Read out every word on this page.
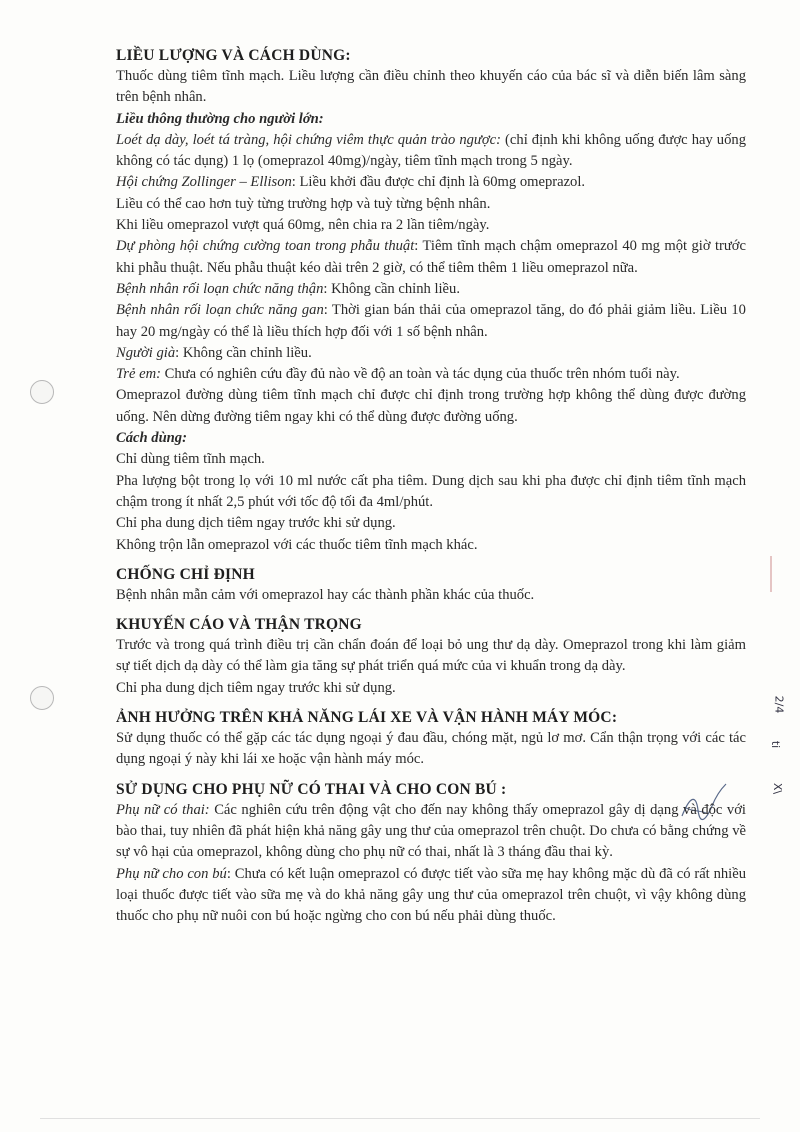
2/4
ti
X\

LIỀU LƯỢNG VÀ CÁCH DÙNG:

Thuốc dùng tiêm tĩnh mạch. Liều lượng cần điều chỉnh theo khuyến cáo của bác sĩ và diễn biến lâm sàng trên bệnh nhân.

Liều thông thường cho người lớn:

Loét dạ dày, loét tá tràng, hội chứng viêm thực quản trào ngược: (chỉ định khi không uống được hay uống không có tác dụng) 1 lọ (omeprazol 40mg)/ngày, tiêm tĩnh mạch trong 5 ngày.

Hội chứng Zollinger – Ellison: Liều khởi đầu được chỉ định là 60mg omeprazol.

Liều có thể cao hơn tuỳ từng trường hợp và tuỳ từng bệnh nhân.

Khi liều omeprazol vượt quá 60mg, nên chia ra 2 lần tiêm/ngày.

Dự phòng hội chứng cường toan trong phẫu thuật: Tiêm tĩnh mạch chậm omeprazol 40 mg một giờ trước khi phẫu thuật. Nếu phẫu thuật kéo dài trên 2 giờ, có thể tiêm thêm 1 liều omeprazol nữa.

Bệnh nhân rối loạn chức năng thận: Không cần chỉnh liều.

Bệnh nhân rối loạn chức năng gan: Thời gian bán thải của omeprazol tăng, do đó phải giảm liều. Liều 10 hay 20 mg/ngày có thể là liều thích hợp đối với 1 số bệnh nhân.

Người già: Không cần chỉnh liều.

Trẻ em: Chưa có nghiên cứu đầy đủ nào về độ an toàn và tác dụng của thuốc trên nhóm tuổi này.

Omeprazol đường dùng tiêm tĩnh mạch chỉ được chỉ định trong trường hợp không thể dùng được đường uống. Nên dừng đường tiêm ngay khi có thể dùng được đường uống.

Cách dùng:

Chỉ dùng tiêm tĩnh mạch.

Pha lượng bột trong lọ với 10 ml nước cất pha tiêm. Dung dịch sau khi pha được chỉ định tiêm tĩnh mạch chậm trong ít nhất 2,5 phút với tốc độ tối đa 4ml/phút.

Chỉ pha dung dịch tiêm ngay trước khi sử dụng.

Không trộn lẫn omeprazol với các thuốc tiêm tĩnh mạch khác.

CHỐNG CHỈ ĐỊNH

Bệnh nhân mẫn cảm với omeprazol hay các thành phần khác của thuốc.

KHUYẾN CÁO VÀ THẬN TRỌNG

Trước và trong quá trình điều trị cần chẩn đoán để loại bỏ ung thư dạ dày. Omeprazol trong khi làm giảm sự tiết dịch dạ dày có thể làm gia tăng sự phát triển quá mức của vi khuẩn trong dạ dày.

Chỉ pha dung dịch tiêm ngay trước khi sử dụng.

ẢNH HƯỞNG TRÊN KHẢ NĂNG LÁI XE VÀ VẬN HÀNH MÁY MÓC:

Sử dụng thuốc có thể gặp các tác dụng ngoại ý đau đầu, chóng mặt, ngủ lơ mơ. Cẩn thận trọng với các tác dụng ngoại ý này khi lái xe hoặc vận hành máy móc.

SỬ DỤNG CHO PHỤ NỮ CÓ THAI VÀ CHO CON BÚ :

Phụ nữ có thai: Các nghiên cứu trên động vật cho đến nay không thấy omeprazol gây dị dạng và độc với bào thai, tuy nhiên đã phát hiện khả năng gây ung thư của omeprazol trên chuột. Do chưa có bằng chứng về sự vô hại của omeprazol, không dùng cho phụ nữ có thai, nhất là 3 tháng đầu thai kỳ.

Phụ nữ cho con bú: Chưa có kết luận omeprazol có được tiết vào sữa mẹ hay không mặc dù đã có rất nhiều loại thuốc được tiết vào sữa mẹ và do khả năng gây ung thư của omeprazol trên chuột, vì vậy không dùng thuốc cho phụ nữ nuôi con bú hoặc ngừng cho con bú nếu phải dùng thuốc.
